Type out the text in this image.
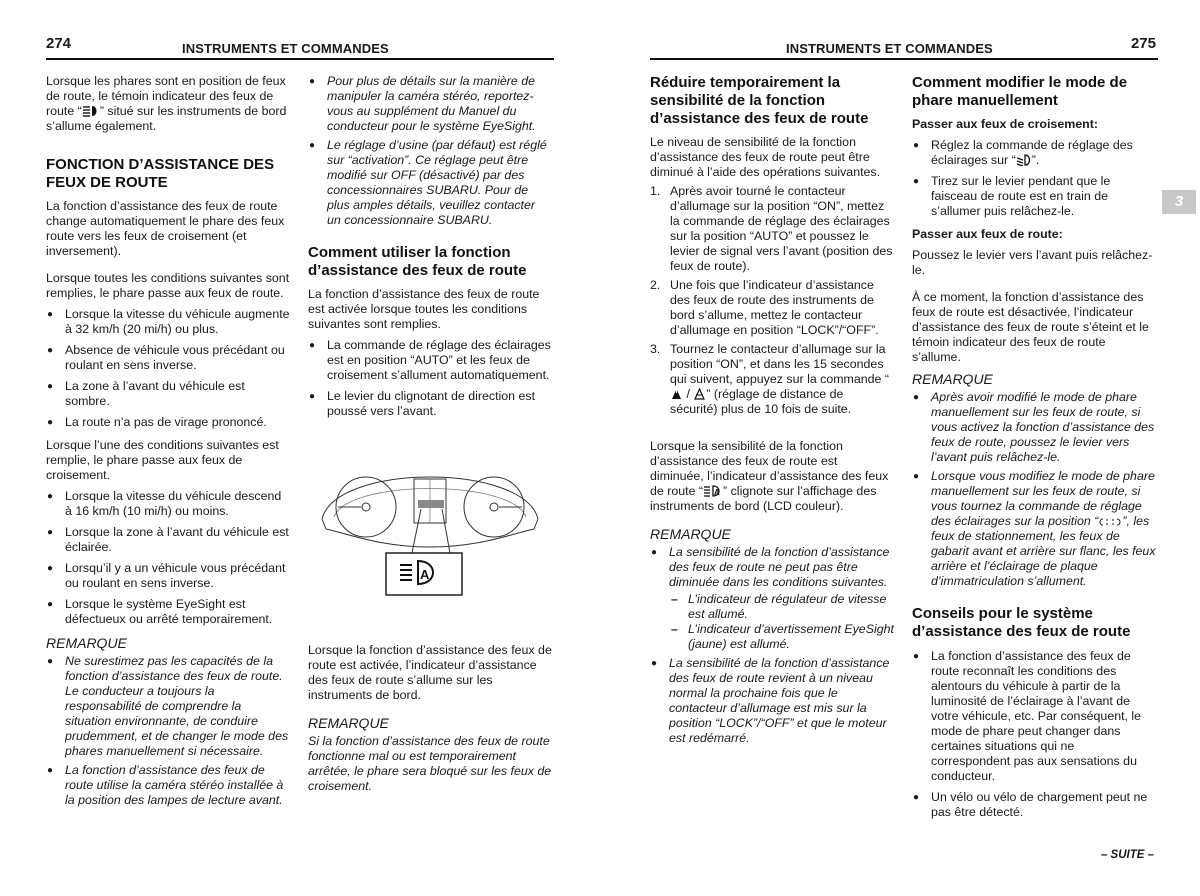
274	INSTRUMENTS ET COMMANDES

Lorsque les phares sont en position de feux de route, le témoin indicateur des feux de route “ ” situé sur les instruments de bord s’allume également.

FONCTION D’ASSISTANCE DES FEUX DE ROUTE

La fonction d’assistance des feux de route change automatiquement le phare des feux route vers les feux de croisement (et inversement).

Lorsque toutes les conditions suivantes sont remplies, le phare passe aux feux de route.

● Lorsque la vitesse du véhicule augmente à 32 km/h (20 mi/h) ou plus.
● Absence de véhicule vous précédant ou roulant en sens inverse.
● La zone à l’avant du véhicule est sombre.
● La route n’a pas de virage prononcé.

Lorsque l’une des conditions suivantes est remplie, le phare passe aux feux de croisement.

● Lorsque la vitesse du véhicule descend à 16 km/h (10 mi/h) ou moins.
● Lorsque la zone à l’avant du véhicule est éclairée.
● Lorsqu’il y a un véhicule vous précédant ou roulant en sens inverse.
● Lorsque le système EyeSight est défectueux ou arrêté temporairement.
REMARQUE
● Ne surestimez pas les capacités de la fonction d’assistance des feux de route. Le conducteur a toujours la responsabilité de comprendre la situation environnante, de conduire prudemment, et de changer le mode des phares manuellement si nécessaire.
● La fonction d’assistance des feux de route utilise la caméra stéréo installée à la position des lampes de lecture avant.
● Pour plus de détails sur la manière de manipuler la caméra stéréo, reportez-vous au supplément du Manuel du conducteur pour le système EyeSight.
● Le réglage d’usine (par défaut) est réglé sur “activation”. Ce réglage peut être modifié sur OFF (désactivé) par des concessionnaires SUBARU. Pour de plus amples détails, veuillez contacter un concessionnaire SUBARU.
Comment utiliser la fonction d’assistance des feux de route

La fonction d’assistance des feux de route est activée lorsque toutes les conditions suivantes sont remplies.

● La commande de réglage des éclairages est en position “AUTO” et les feux de croisement s’allument automatiquement.
● Le levier du clignotant de direction est poussé vers l’avant.
A

Lorsque la fonction d’assistance des feux de route est activée, l’indicateur d’assistance des feux de route s’allume sur les instruments de bord.

REMARQUE

Si la fonction d’assistance des feux de route fonctionne mal ou est temporairement arrêtée, le phare sera bloqué sur les feux de croisement.

INSTRUMENTS ET COMMANDES	275
3
Réduire temporairement la sensibilité de la fonction d’assistance des feux de route

Le niveau de sensibilité de la fonction d’assistance des feux de route peut être diminué à l’aide des opérations suivantes.

1. Après avoir tourné le contacteur d’allumage sur la position “ON”, mettez la commande de réglage des éclairages sur la position “AUTO” et poussez le levier de signal vers l’avant (position des feux de route).
2. Une fois que l’indicateur d’assistance des feux de route des instruments de bord s’allume, mettez le contacteur d’allumage en position “LOCK”/“OFF”.
3. Tournez le contacteur d’allumage sur la position “ON”, et dans les 15 secondes qui suivent, appuyez sur la commande “ / ” (réglage de distance de sécurité) plus de 10 fois de suite.

Lorsque la sensibilité de la fonction d’assistance des feux de route est diminuée, l’indicateur d’assistance des feux de route “ A ” clignote sur l’affichage des instruments de bord (LCD couleur).

REMARQUE
● La sensibilité de la fonction d’assistance des feux de route ne peut pas être diminuée dans les conditions suivantes.
– L’indicateur de régulateur de vitesse est allumé.
– L’indicateur d’avertissement EyeSight (jaune) est allumé.
● La sensibilité de la fonction d’assistance des feux de route revient à un niveau normal la prochaine fois que le contacteur d’allumage est mis sur la position “LOCK”/“OFF” et que le moteur est redémarré.
Comment modifier le mode de phare manuellement
Passer aux feux de croisement:
● Réglez la commande de réglage des éclairages sur “ ”.
● Tirez sur le levier pendant que le faisceau de route est en train de s’allumer puis relâchez-le.
Passer aux feux de route:

Poussez le levier vers l’avant puis relâchez-le.

À ce moment, la fonction d’assistance des feux de route est désactivée, l’indicateur d’assistance des feux de route s’éteint et le témoin indicateur des feux de route s’allume.

REMARQUE
● Après avoir modifié le mode de phare manuellement sur les feux de route, si vous activez la fonction d’assistance des feux de route, poussez le levier vers l’avant puis relâchez-le.
● Lorsque vous modifiez le mode de phare manuellement sur les feux de route, si vous tournez la commande de réglage des éclairages sur la position “ ”, les feux de stationnement, les feux de gabarit avant et arrière sur flanc, les feux arrière et l’éclairage de plaque d’immatriculation s’allument.
Conseils pour le système d’assistance des feux de route
● La fonction d’assistance des feux de route reconnaît les conditions des alentours du véhicule à partir de la luminosité de l’éclairage à l’avant de votre véhicule, etc. Par conséquent, le mode de phare peut changer dans certaines situations qui ne correspondent pas aux sensations du conducteur.
● Un vélo ou vélo de chargement peut ne pas être détecté.
– SUITE –
